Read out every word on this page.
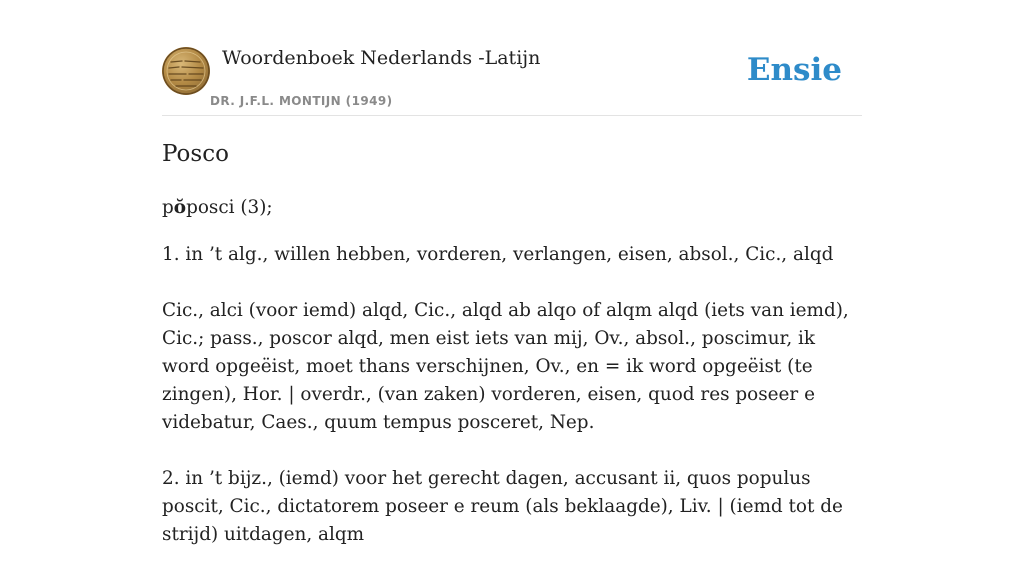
Woordenboek Nederlands -Latijn
DR. J.F.L. MONTIJN (1949)
Ensie
Posco

pŏposci (3);

1. in ’t alg., willen hebben, vorderen, verlangen, eisen, absol., Cic., alqd

Cic., alci (voor iemd) alqd, Cic., alqd ab alqo of alqm alqd (iets van iemd), Cic.; pass., poscor alqd, men eist iets van mij, Ov., absol., poscimur, ik word opgeëist, moet thans verschijnen, Ov., en = ik word opgeëist (te zingen), Hor. | overdr., (van zaken) vorderen, eisen, quod res poseer e videbatur, Caes., quum tempus posceret, Nep.

2. in ’t bijz., (iemd) voor het gerecht dagen, accusant ii, quos populus poscit, Cic., dictatorem poseer e reum (als beklaagde), Liv. | (iemd tot de strijd) uitdagen, alqm
